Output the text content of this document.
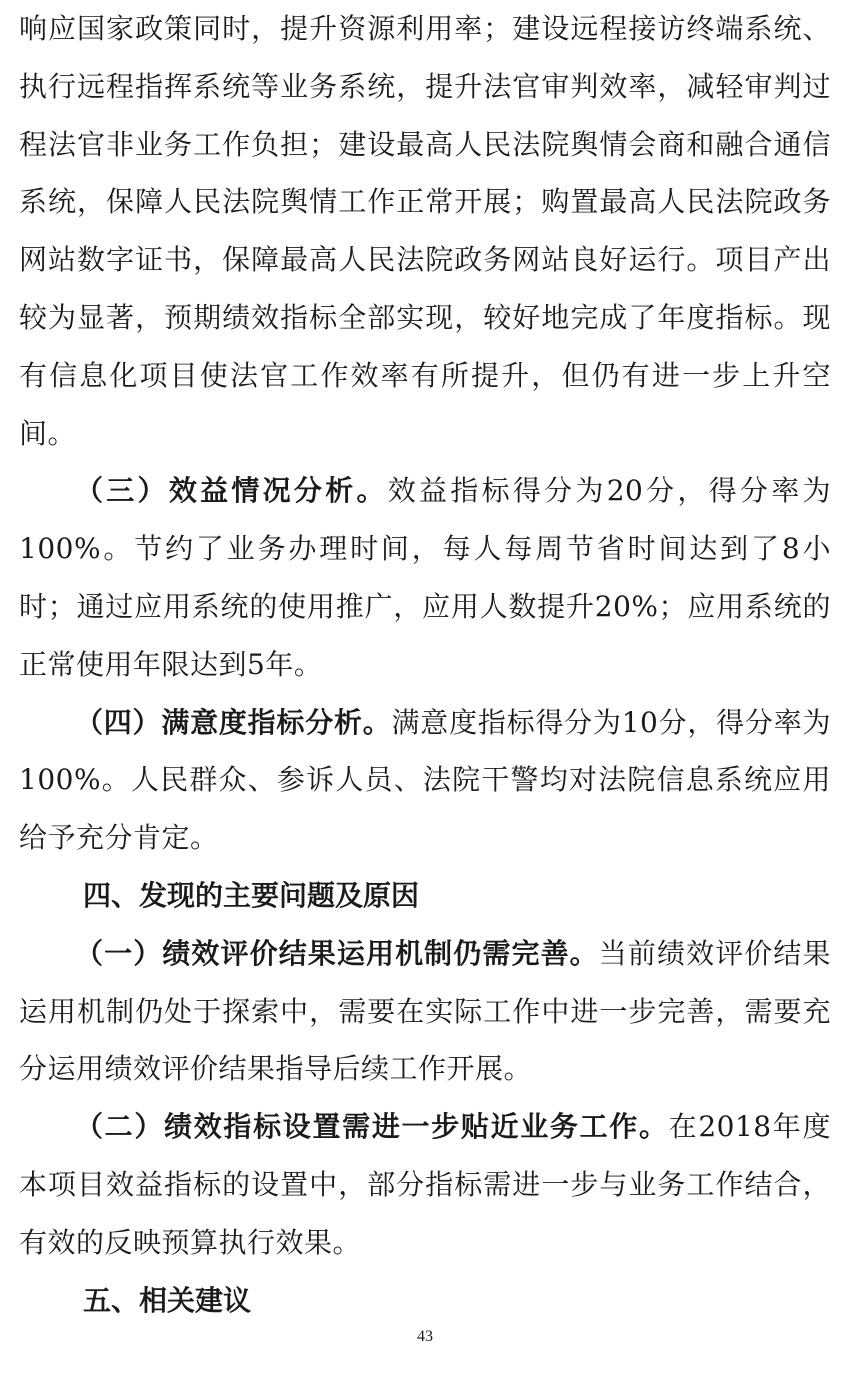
响应国家政策同时，提升资源利用率；建设远程接访终端系统、执行远程指挥系统等业务系统，提升法官审判效率，减轻审判过程法官非业务工作负担；建设最高人民法院舆情会商和融合通信系统，保障人民法院舆情工作正常开展；购置最高人民法院政务网站数字证书，保障最高人民法院政务网站良好运行。项目产出较为显著，预期绩效指标全部实现，较好地完成了年度指标。现有信息化项目使法官工作效率有所提升，但仍有进一步上升空间。

（三）效益情况分析。效益指标得分为20分，得分率为100%。节约了业务办理时间，每人每周节省时间达到了8小时；通过应用系统的使用推广，应用人数提升20%；应用系统的正常使用年限达到5年。

（四）满意度指标分析。满意度指标得分为10分，得分率为100%。人民群众、参诉人员、法院干警均对法院信息系统应用给予充分肯定。

四、发现的主要问题及原因

（一）绩效评价结果运用机制仍需完善。当前绩效评价结果运用机制仍处于探索中，需要在实际工作中进一步完善，需要充分运用绩效评价结果指导后续工作开展。

（二）绩效指标设置需进一步贴近业务工作。在2018年度本项目效益指标的设置中，部分指标需进一步与业务工作结合，有效的反映预算执行效果。

五、相关建议

43
